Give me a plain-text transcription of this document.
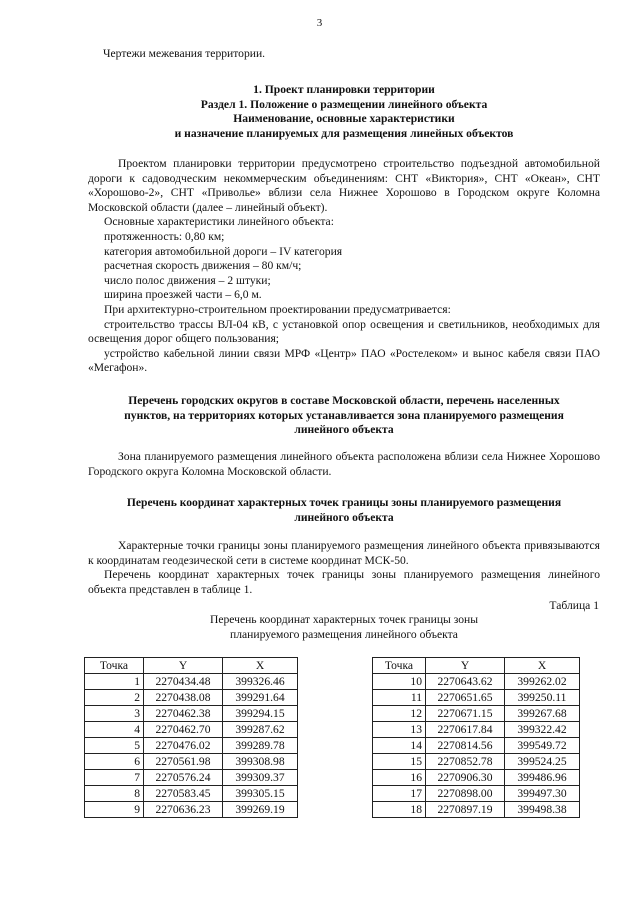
3
Чертежи межевания территории.

1. Проект планировки территории

Раздел 1. Положение о размещении линейного объекта

Наименование, основные характеристики

и назначение планируемых для размещения линейных объектов

Проектом планировки территории предусмотрено строительство подъездной автомобильной дороги к садоводческим некоммерческим объединениям: СНТ «Виктория», СНТ «Океан», СНТ «Хорошово-2», СНТ «Приволье» вблизи села Нижнее Хорошово в Городском округе Коломна Московской области (далее – линейный объект).

Основные характеристики линейного объекта:

протяженность: 0,80 км;

категория автомобильной дороги – IV категория

расчетная скорость движения – 80 км/ч;

число полос движения – 2 штуки;

ширина проезжей части – 6,0 м.

При архитектурно-строительном проектировании предусматривается:

строительство трассы ВЛ-04 кВ, с установкой опор освещения и светильников, необходимых для освещения дорог общего пользования;

устройство кабельной линии связи МРФ «Центр» ПАО «Ростелеком» и вынос кабеля связи ПАО «Мегафон».

Перечень городских округов в составе Московской области, перечень населенных

пунктов, на территориях которых устанавливается зона планируемого размещения

линейного объекта

Зона планируемого размещения линейного объекта расположена вблизи села Нижнее Хорошово Городского округа Коломна Московской области.

Перечень координат характерных точек границы зоны планируемого размещения

линейного объекта

Характерные точки границы зоны планируемого размещения линейного объекта привязываются к координатам геодезической сети в системе координат МСК-50.

Перечень координат характерных точек границы зоны планируемого размещения линейного объекта представлен в таблице 1.

Таблица 1

Перечень координат характерных точек границы зоны

планируемого размещения линейного объекта

Точка	Y	X
1	2270434.48	399326.46
2	2270438.08	399291.64
3	2270462.38	399294.15
4	2270462.70	399287.62
5	2270476.02	399289.78
6	2270561.98	399308.98
7	2270576.24	399309.37
8	2270583.45	399305.15
9	2270636.23	399269.19
Точка	Y	X
10	2270643.62	399262.02
11	2270651.65	399250.11
12	2270671.15	399267.68
13	2270617.84	399322.42
14	2270814.56	399549.72
15	2270852.78	399524.25
16	2270906.30	399486.96
17	2270898.00	399497.30
18	2270897.19	399498.38
